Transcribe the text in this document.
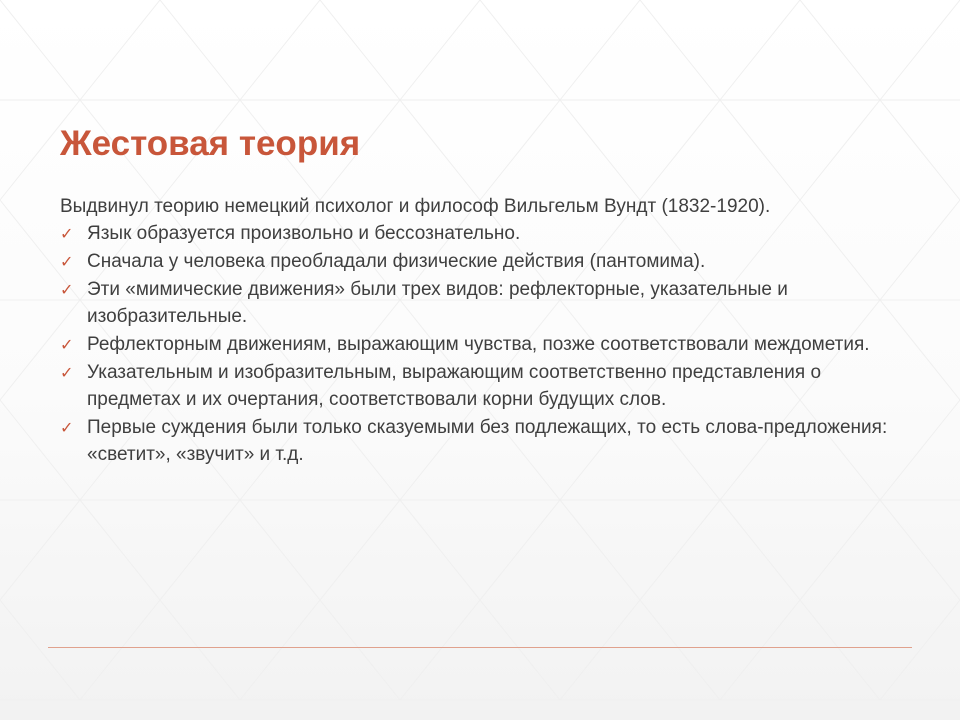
Жестовая теория

Выдвинул теорию немецкий психолог и философ Вильгельм Вундт (1832-1920).

✓ Язык образуется произвольно и бессознательно.
✓ Сначала у человека преобладали физические действия (пантомима).
✓ Эти «мимические движения» были трех видов: рефлекторные, указательные и изобразительные.
✓ Рефлекторным движениям, выражающим чувства, позже соответствовали междометия.
✓ Указательным и изобразительным, выражающим соответственно представления о предметах и их очертания, соответствовали корни будущих слов.
✓ Первые суждения были только сказуемыми без подлежащих, то есть слова-предложения: «светит», «звучит» и т.д.
